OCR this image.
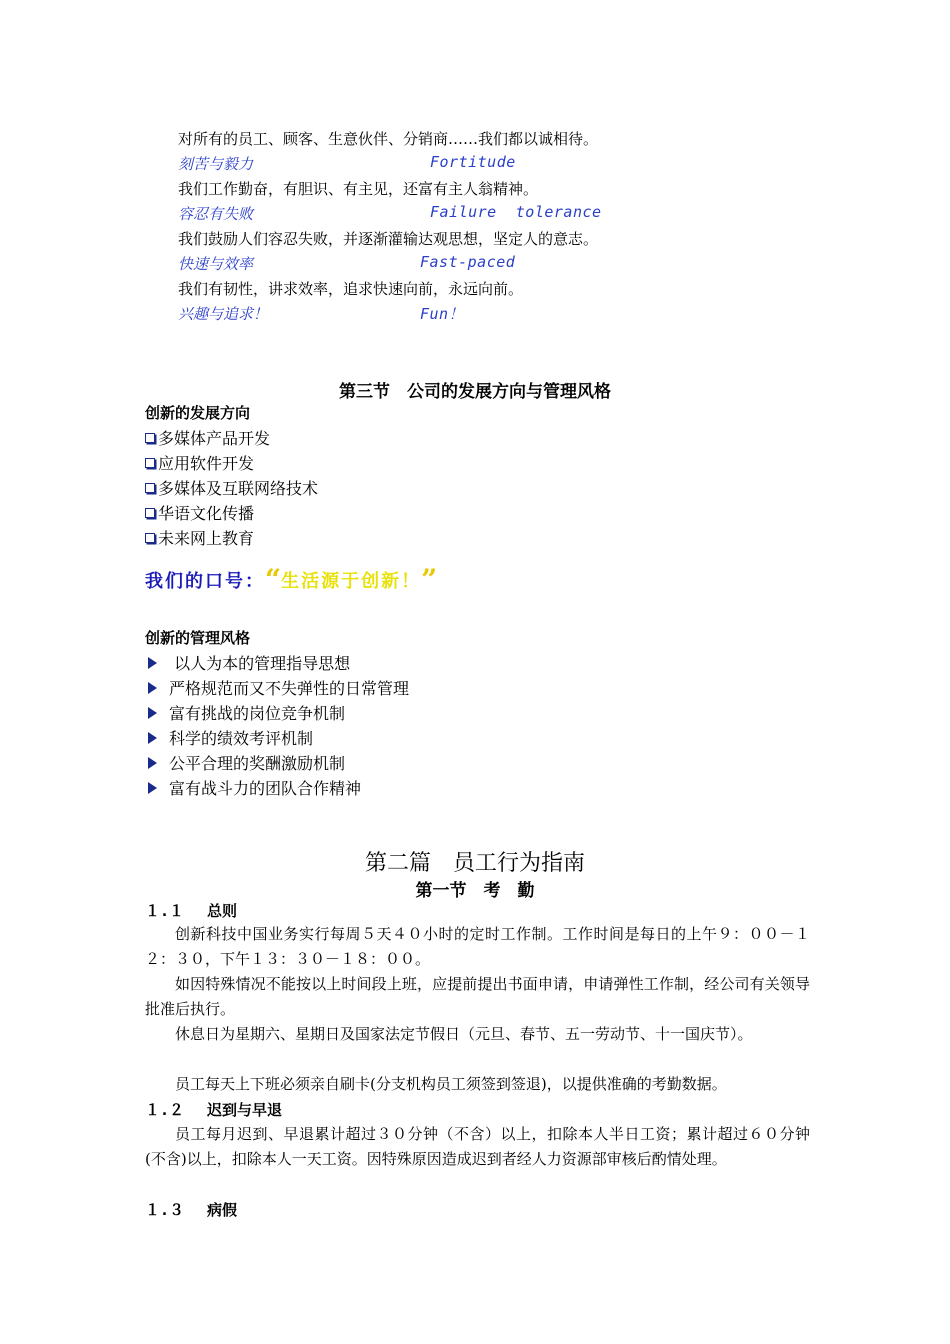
对所有的员工、顾客、生意伙伴、分销商……我们都以诚相待。
刻苦与毅力	Fortitude
我们工作勤奋，有胆识、有主见，还富有主人翁精神。
容忍有失败	Failure  tolerance
我们鼓励人们容忍失败，并逐渐灌输达观思想，坚定人的意志。
快速与效率	Fast-paced
我们有韧性，讲求效率，追求快速向前，永远向前。
兴趣与追求！	Fun！
第三节　公司的发展方向与管理风格
创新的发展方向
多媒体产品开发
应用软件开发
多媒体及互联网络技术
华语文化传播
未来网上教育
我们的口号：“生活源于创新！”
创新的管理风格
以人为本的管理指导思想
严格规范而又不失弹性的日常管理
富有挑战的岗位竞争机制
科学的绩效考评机制
公平合理的奖酬激励机制
富有战斗力的团队合作精神
第二篇　员工行为指南
第一节　考　勤
１.１ 总则
创新科技中国业务实行每周５天４０小时的定时工作制。工作时间是每日的上午９：００－１２：３０，下午１３：３０－１８：００。
如因特殊情况不能按以上时间段上班，应提前提出书面申请，申请弹性工作制，经公司有关领导批准后执行。
休息日为星期六、星期日及国家法定节假日（元旦、春节、五一劳动节、十一国庆节）。
员工每天上下班必须亲自刷卡(分支机构员工须签到签退)，以提供准确的考勤数据。
１.２ 迟到与早退
员工每月迟到、早退累计超过３０分钟（不含）以上，扣除本人半日工资；累计超过６０分钟(不含)以上，扣除本人一天工资。因特殊原因造成迟到者经人力资源部审核后酌情处理。
１.３ 病假
